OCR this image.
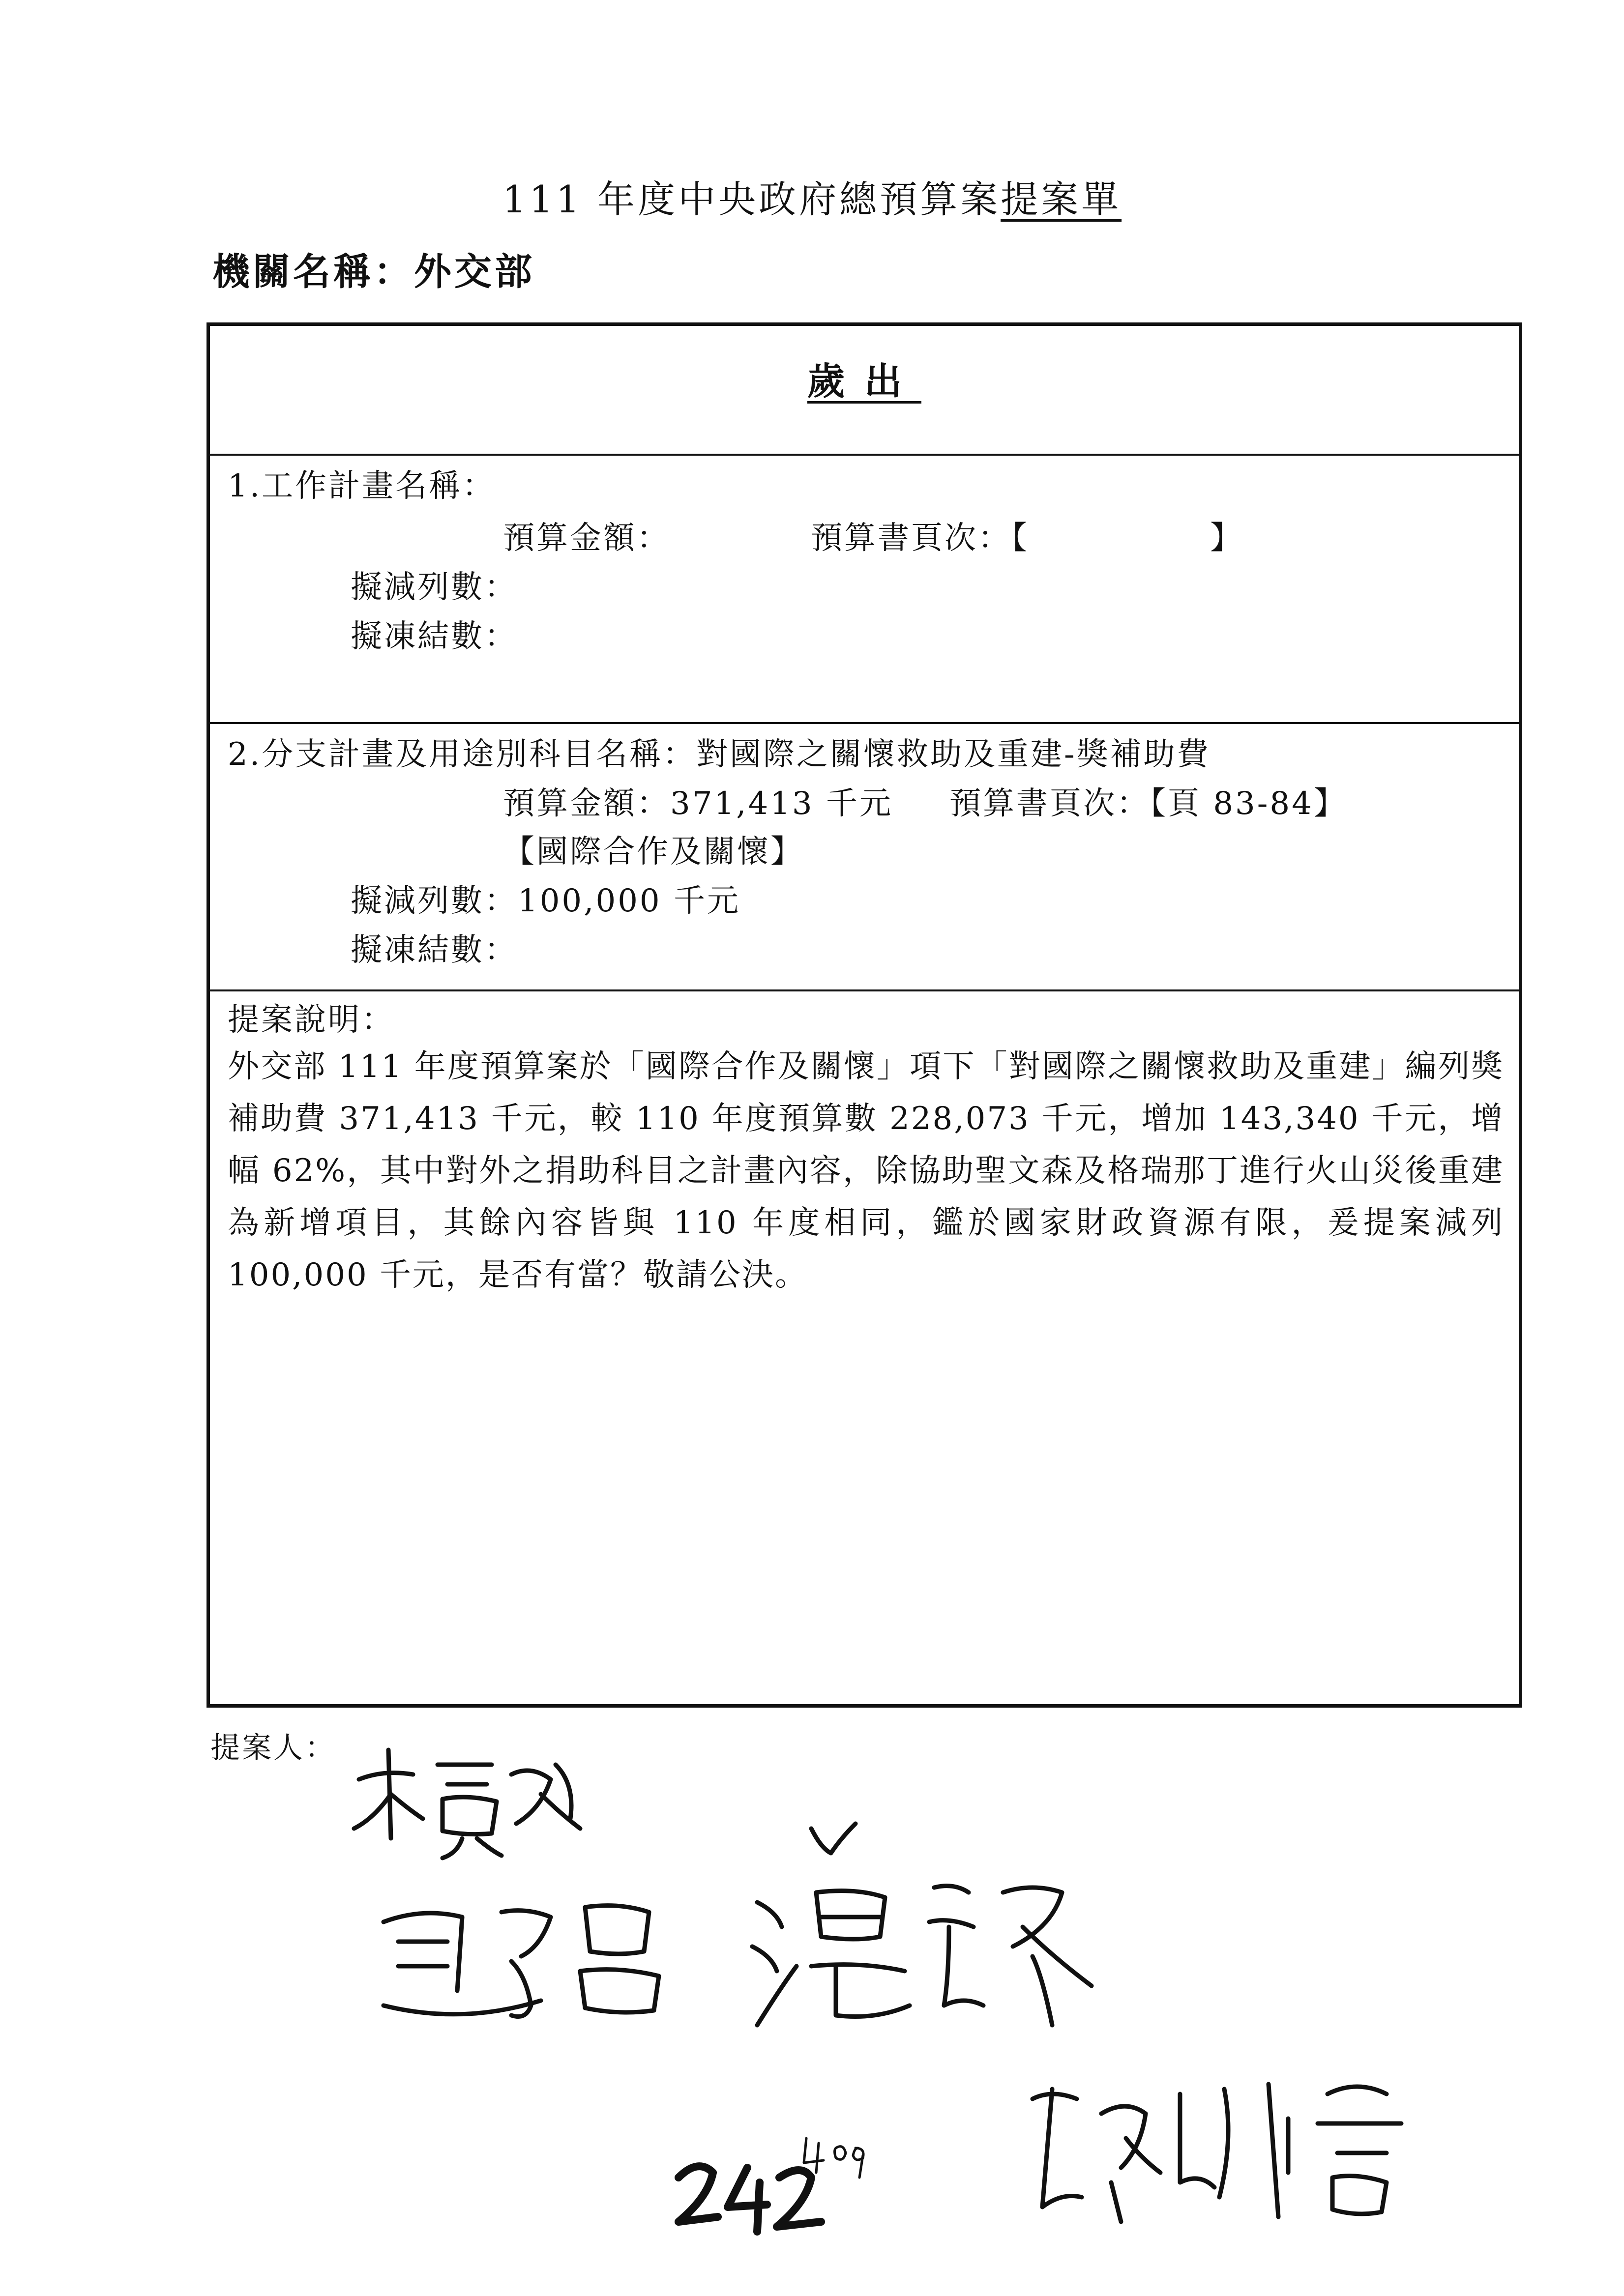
111 年度中央政府總預算案提案單
機關名稱：外交部
歲出
1.工作計畫名稱：
預算金額：	預算書頁次：【	】
擬減列數：
擬凍結數：
2.分支計畫及用途別科目名稱：對國際之關懷救助及重建-獎補助費
預算金額：371,413 千元 預算書頁次：【頁 83-84】
【國際合作及關懷】
擬減列數：100,000 千元
擬凍結數：
提案說明：
外交部 111 年度預算案於「國際合作及關懷」項下「對國際之關懷救助及重建」編列獎補助費 371,413 千元，較 110 年度預算數 228,073 千元，增加 143,340 千元，增幅 62%，其中對外之捐助科目之計畫內容，除協助聖文森及格瑞那丁進行火山災後重建為新增項目，其餘內容皆與 110 年度相同，鑑於國家財政資源有限，爰提案減列 100,000 千元，是否有當？敬請公決。
提案人：
